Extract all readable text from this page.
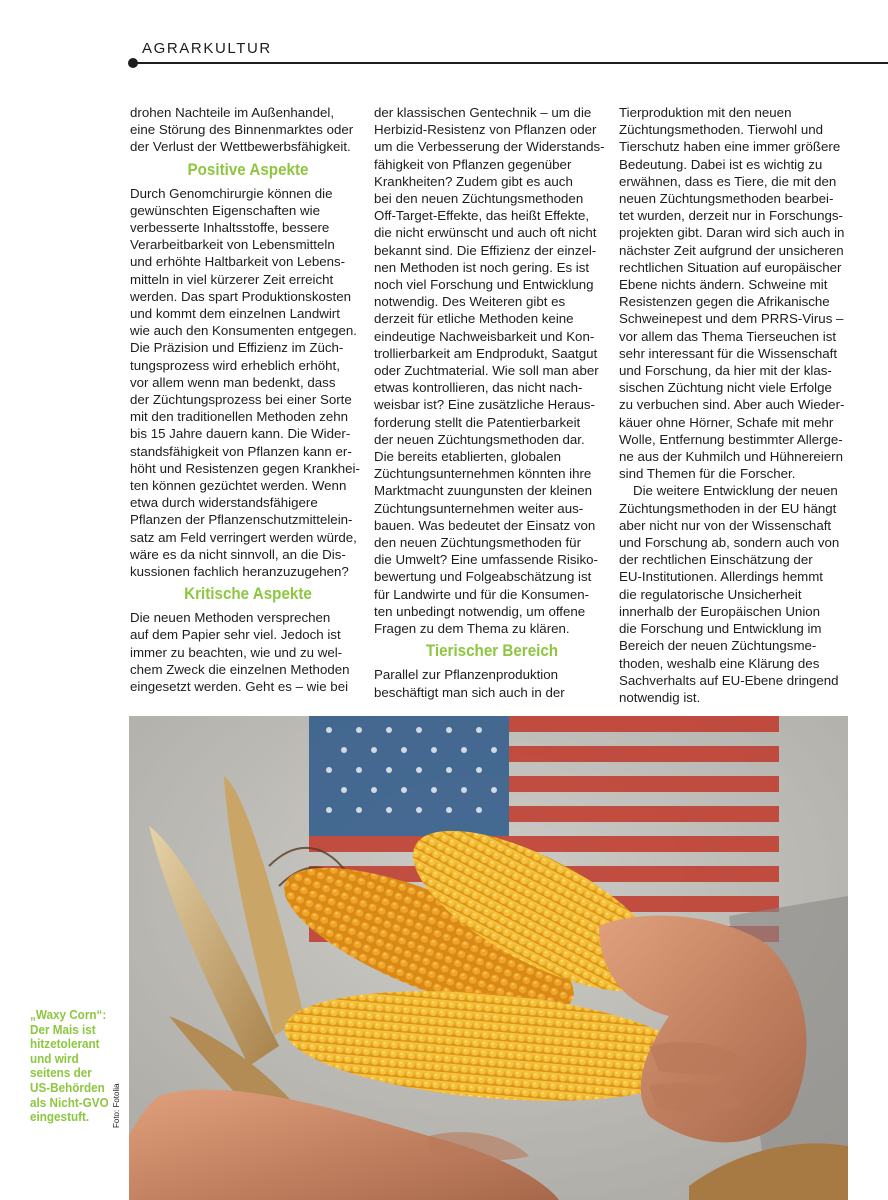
AGRARKULTUR
drohen Nachteile im Außenhandel,
eine Störung des Binnenmarktes oder
der Verlust der Wettbewerbsfähigkeit.
Positive Aspekte
Durch Genomchirurgie können die
gewünschten Eigenschaften wie
verbesserte Inhaltsstoffe, bessere
Verarbeitbarkeit von Lebensmitteln
und erhöhte Haltbarkeit von Lebens-
mitteln in viel kürzerer Zeit erreicht
werden. Das spart Produktionskosten
und kommt dem einzelnen Landwirt
wie auch den Konsumenten entgegen.
Die Präzision und Effizienz im Züch-
tungsprozess wird erheblich erhöht,
vor allem wenn man bedenkt, dass
der Züchtungsprozess bei einer Sorte
mit den traditionellen Methoden zehn
bis 15 Jahre dauern kann. Die Wider-
standsfähigkeit von Pflanzen kann er-
höht und Resistenzen gegen Krankhei-
ten können gezüchtet werden. Wenn
etwa durch widerstandsfähigere
Pflanzen der Pflanzenschutzmittelein-
satz am Feld verringert werden würde,
wäre es da nicht sinnvoll, an die Dis-
kussionen fachlich heranzuzugehen?
Kritische Aspekte
Die neuen Methoden versprechen
auf dem Papier sehr viel. Jedoch ist
immer zu beachten, wie und zu wel-
chem Zweck die einzelnen Methoden
eingesetzt werden. Geht es – wie bei
der klassischen Gentechnik – um die
Herbizid-Resistenz von Pflanzen oder
um die Verbesserung der Widerstands-
fähigkeit von Pflanzen gegenüber
Krankheiten? Zudem gibt es auch
bei den neuen Züchtungsmethoden
Off-Target-Effekte, das heißt Effekte,
die nicht erwünscht und auch oft nicht
bekannt sind. Die Effizienz der einzel-
nen Methoden ist noch gering. Es ist
noch viel Forschung und Entwicklung
notwendig. Des Weiteren gibt es
derzeit für etliche Methoden keine
eindeutige Nachweisbarkeit und Kon-
trollierbarkeit am Endprodukt, Saatgut
oder Zuchtmaterial. Wie soll man aber
etwas kontrollieren, das nicht nach-
weisbar ist? Eine zusätzliche Heraus-
forderung stellt die Patentierbarkeit
der neuen Züchtungsmethoden dar.
Die bereits etablierten, globalen
Züchtungsunternehmen könnten ihre
Marktmacht zuungunsten der kleinen
Züchtungsunternehmen weiter aus-
bauen. Was bedeutet der Einsatz von
den neuen Züchtungsmethoden für
die Umwelt? Eine umfassende Risiko-
bewertung und Folgeabschätzung ist
für Landwirte und für die Konsumen-
ten unbedingt notwendig, um offene
Fragen zu dem Thema zu klären.
Tierischer Bereich
Parallel zur Pflanzenproduktion
beschäftigt man sich auch in der
Tierproduktion mit den neuen
Züchtungsmethoden. Tierwohl und
Tierschutz haben eine immer größere
Bedeutung. Dabei ist es wichtig zu
erwähnen, dass es Tiere, die mit den
neuen Züchtungsmethoden bearbei-
tet wurden, derzeit nur in Forschungs-
projekten gibt. Daran wird sich auch in
nächster Zeit aufgrund der unsicheren
rechtlichen Situation auf europäischer
Ebene nichts ändern. Schweine mit
Resistenzen gegen die Afrikanische
Schweinepest und dem PRRS-Virus –
vor allem das Thema Tierseuchen ist
sehr interessant für die Wissenschaft
und Forschung, da hier mit der klas-
sischen Züchtung nicht viele Erfolge
zu verbuchen sind. Aber auch Wieder-
käuer ohne Hörner, Schafe mit mehr
Wolle, Entfernung bestimmter Allerge-
ne aus der Kuhmilch und Hühnereiern
sind Themen für die Forscher.
Die weitere Entwicklung der neuen
Züchtungsmethoden in der EU hängt
aber nicht nur von der Wissenschaft
und Forschung ab, sondern auch von
der rechtlichen Einschätzung der
EU-Institutionen. Allerdings hemmt
die regulatorische Unsicherheit
innerhalb der Europäischen Union
die Forschung und Entwicklung im
Bereich der neuen Züchtungsme-
thoden, weshalb eine Klärung des
Sachverhalts auf EU-Ebene dringend
notwendig ist.
„Waxy Corn“:
Der Mais ist
hitzetolerant
und wird
seitens der
US-Behörden
als Nicht-GVO
eingestuft.	Foto: Fotolia
